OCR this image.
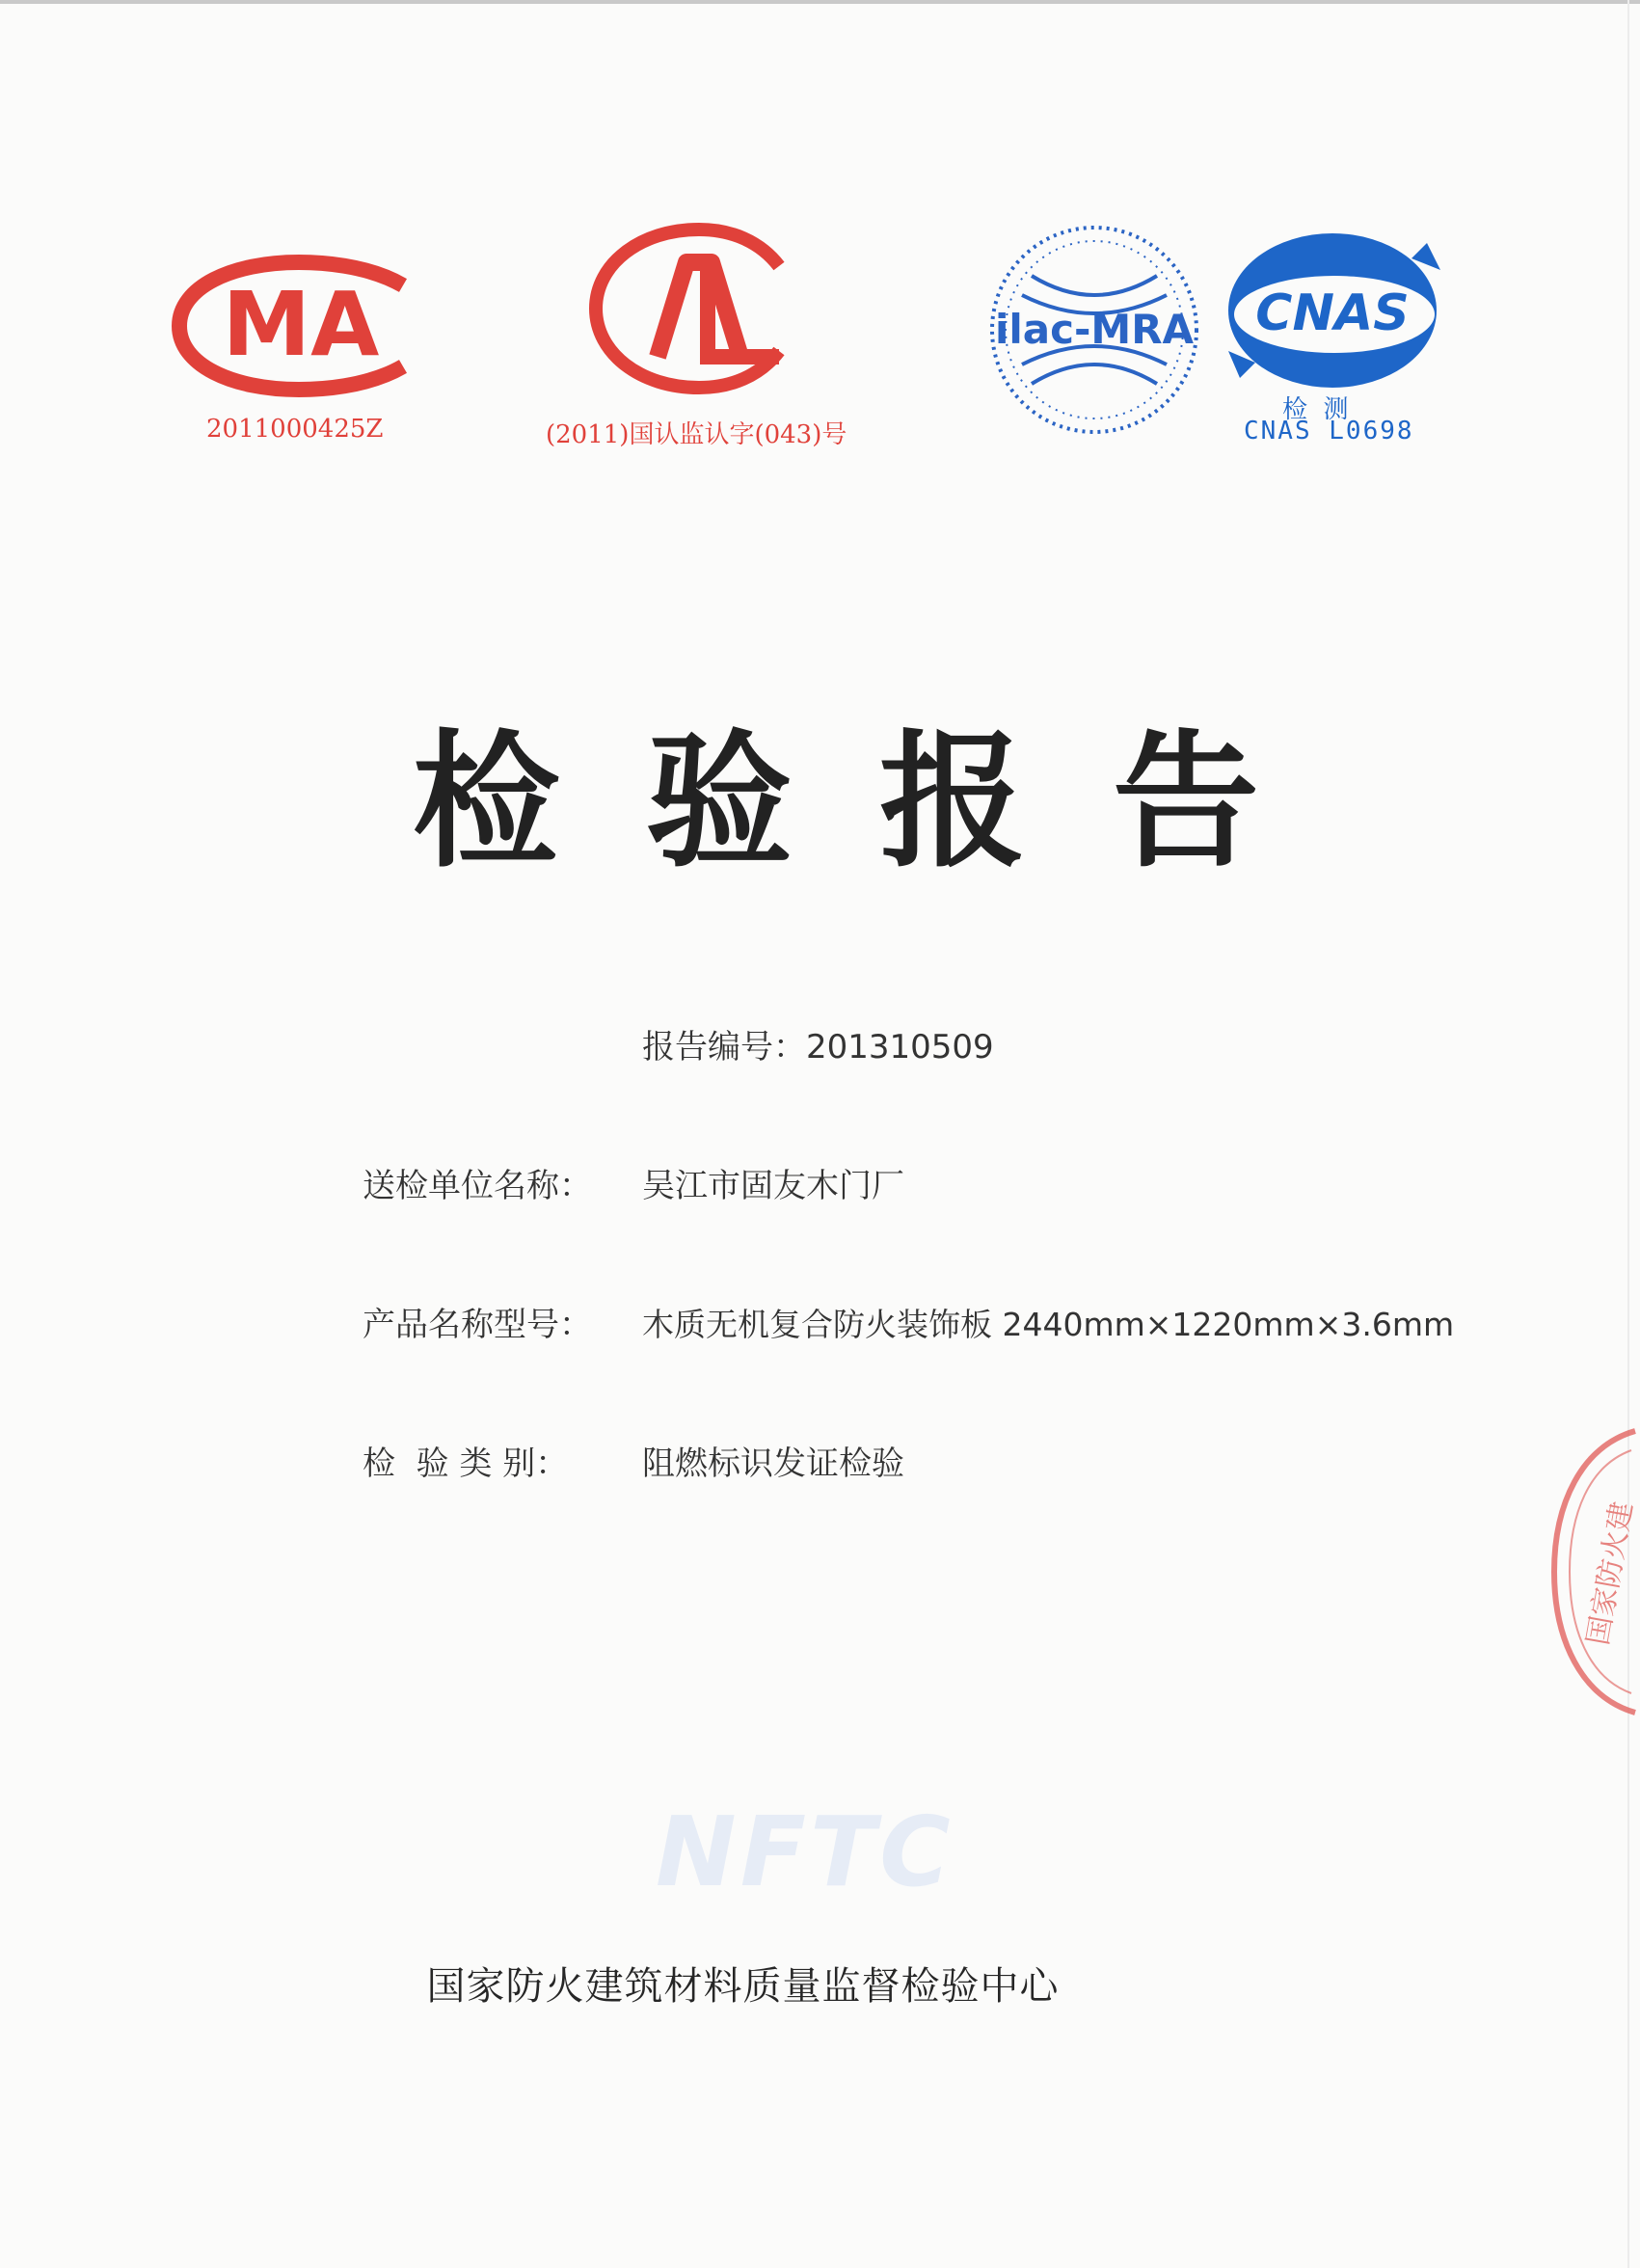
MA
2011000425Z	(2011)国认监认字(043)号
ilac-MRA CNAS
检  测
CNAS L0698
检验报告
报告编号：201310509
送检单位名称： 吴江市固友木门厂
产品名称型号： 木质无机复合防火装饰板 2440mm×1220mm×3.6mm
检  验 类 别： 阻燃标识发证检验
NFTC
国家防火建筑材料质量监督检验中心
国家防火建
